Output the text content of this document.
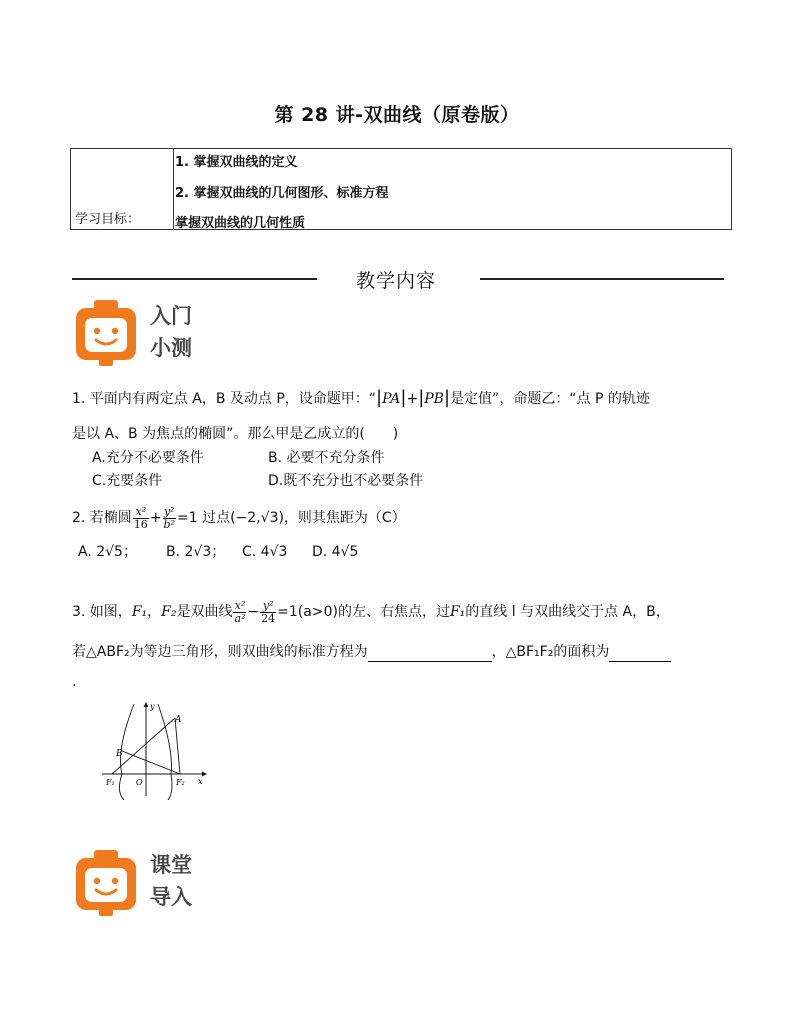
第 28 讲-双曲线（原卷版）
学习目标：
1. 掌握双曲线的定义
2. 掌握双曲线的几何图形、标准方程
掌握双曲线的几何性质
教学内容
入门
小测
1. 平面内有两定点 A，B 及动点 P，设命题甲：“|PA|+|PB|是定值”，命题乙：“点 P 的轨迹
是以 A、B 为焦点的椭圆”。那么甲是乙成立的(　　)
A.充分不必要条件	B. 必要不充分条件
C.充要条件	D.既不充分也不必要条件
2. 若椭圆 $\frac{\text{x²}}{16} + \frac{\text{y²}}{\text{b²}} =1$ 过点(−2,√3)，则其焦距为（C）
A. 2√5； B. 2√3； C. 4√3 D. 4√5
3. 如图，F₁，F₂是双曲线 $\frac{\text{x²}}{\text{a²}} - \frac{\text{y²}}{24} =1(a>0)$的左、右焦点，过F₁的直线 l 与双曲线交于点 A，B，
若△ABF₂为等边三角形，则双曲线的标准方程为	，△BF₁F₂的面积为
.
y
A
B
F₁	O	F₂ x
课堂
导入
